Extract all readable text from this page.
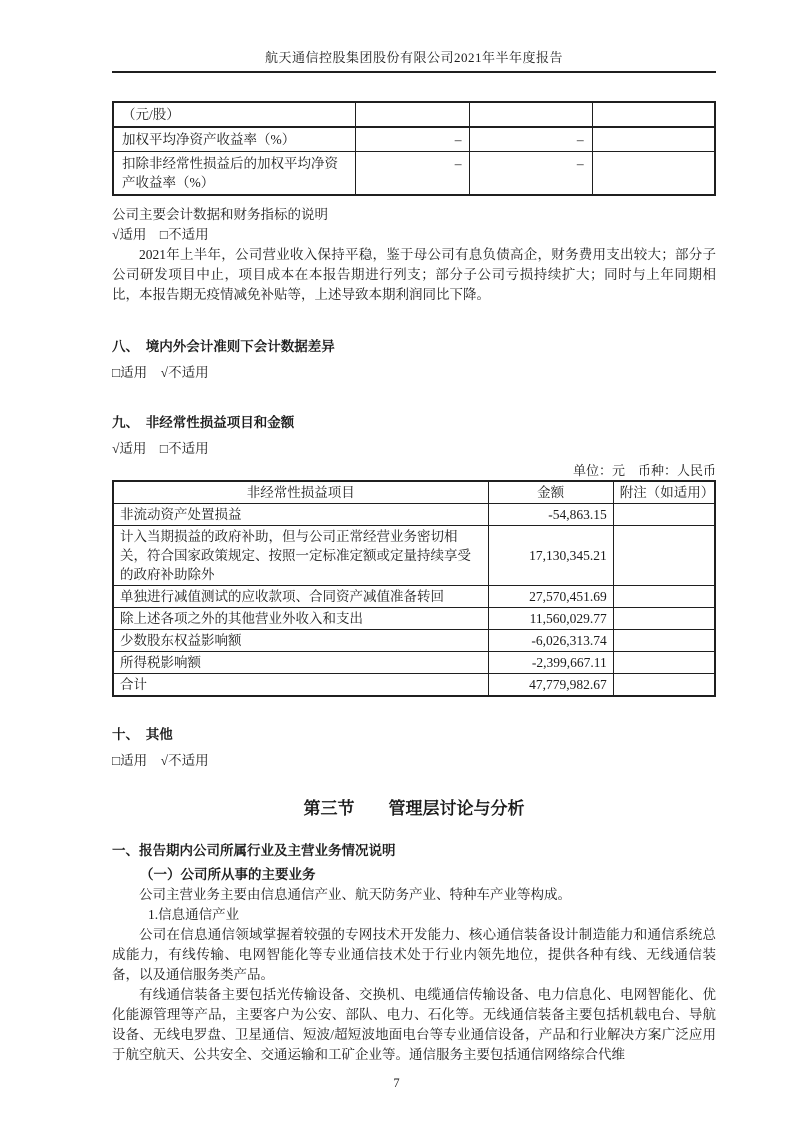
航天通信控股集团股份有限公司2021年半年度报告
（元/股）			
加权平均净资产收益率（%）	–	–	
扣除非经常性损益后的加权平均净资产收益率（%）	–	–	
公司主要会计数据和财务指标的说明
√适用　□不适用

2021年上半年，公司营业收入保持平稳，鉴于母公司有息负债高企，财务费用支出较大；部分子公司研发项目中止，项目成本在本报告期进行列支；部分子公司亏损持续扩大；同时与上年同期相比，本报告期无疫情减免补贴等，上述导致本期利润同比下降。

八、　境内外会计准则下会计数据差异
□适用　√不适用
九、　非经常性损益项目和金额
√适用　□不适用
单位：元　币种：人民币
非经常性损益项目	金额	附注（如适用）
非流动资产处置损益	-54,863.15	
计入当期损益的政府补助，但与公司正常经营业务密切相关，符合国家政策规定、按照一定标准定额或定量持续享受的政府补助除外	17,130,345.21	
单独进行减值测试的应收款项、合同资产减值准备转回	27,570,451.69	
除上述各项之外的其他营业外收入和支出	11,560,029.77	
少数股东权益影响额	-6,026,313.74	
所得税影响额	-2,399,667.11	
合计	47,779,982.67	
十、　其他
□适用　√不适用
第三节　　管理层讨论与分析
一、报告期内公司所属行业及主营业务情况说明
（一）公司所从事的主要业务

公司主营业务主要由信息通信产业、航天防务产业、特种车产业等构成。

1.信息通信产业

公司在信息通信领域掌握着较强的专网技术开发能力、核心通信装备设计制造能力和通信系统总成能力，有线传输、电网智能化等专业通信技术处于行业内领先地位，提供各种有线、无线通信装备，以及通信服务类产品。

有线通信装备主要包括光传输设备、交换机、电缆通信传输设备、电力信息化、电网智能化、优化能源管理等产品，主要客户为公安、部队、电力、石化等。无线通信装备主要包括机载电台、导航设备、无线电罗盘、卫星通信、短波/超短波地面电台等专业通信设备，产品和行业解决方案广泛应用于航空航天、公共安全、交通运输和工矿企业等。通信服务主要包括通信网络综合代维

7
